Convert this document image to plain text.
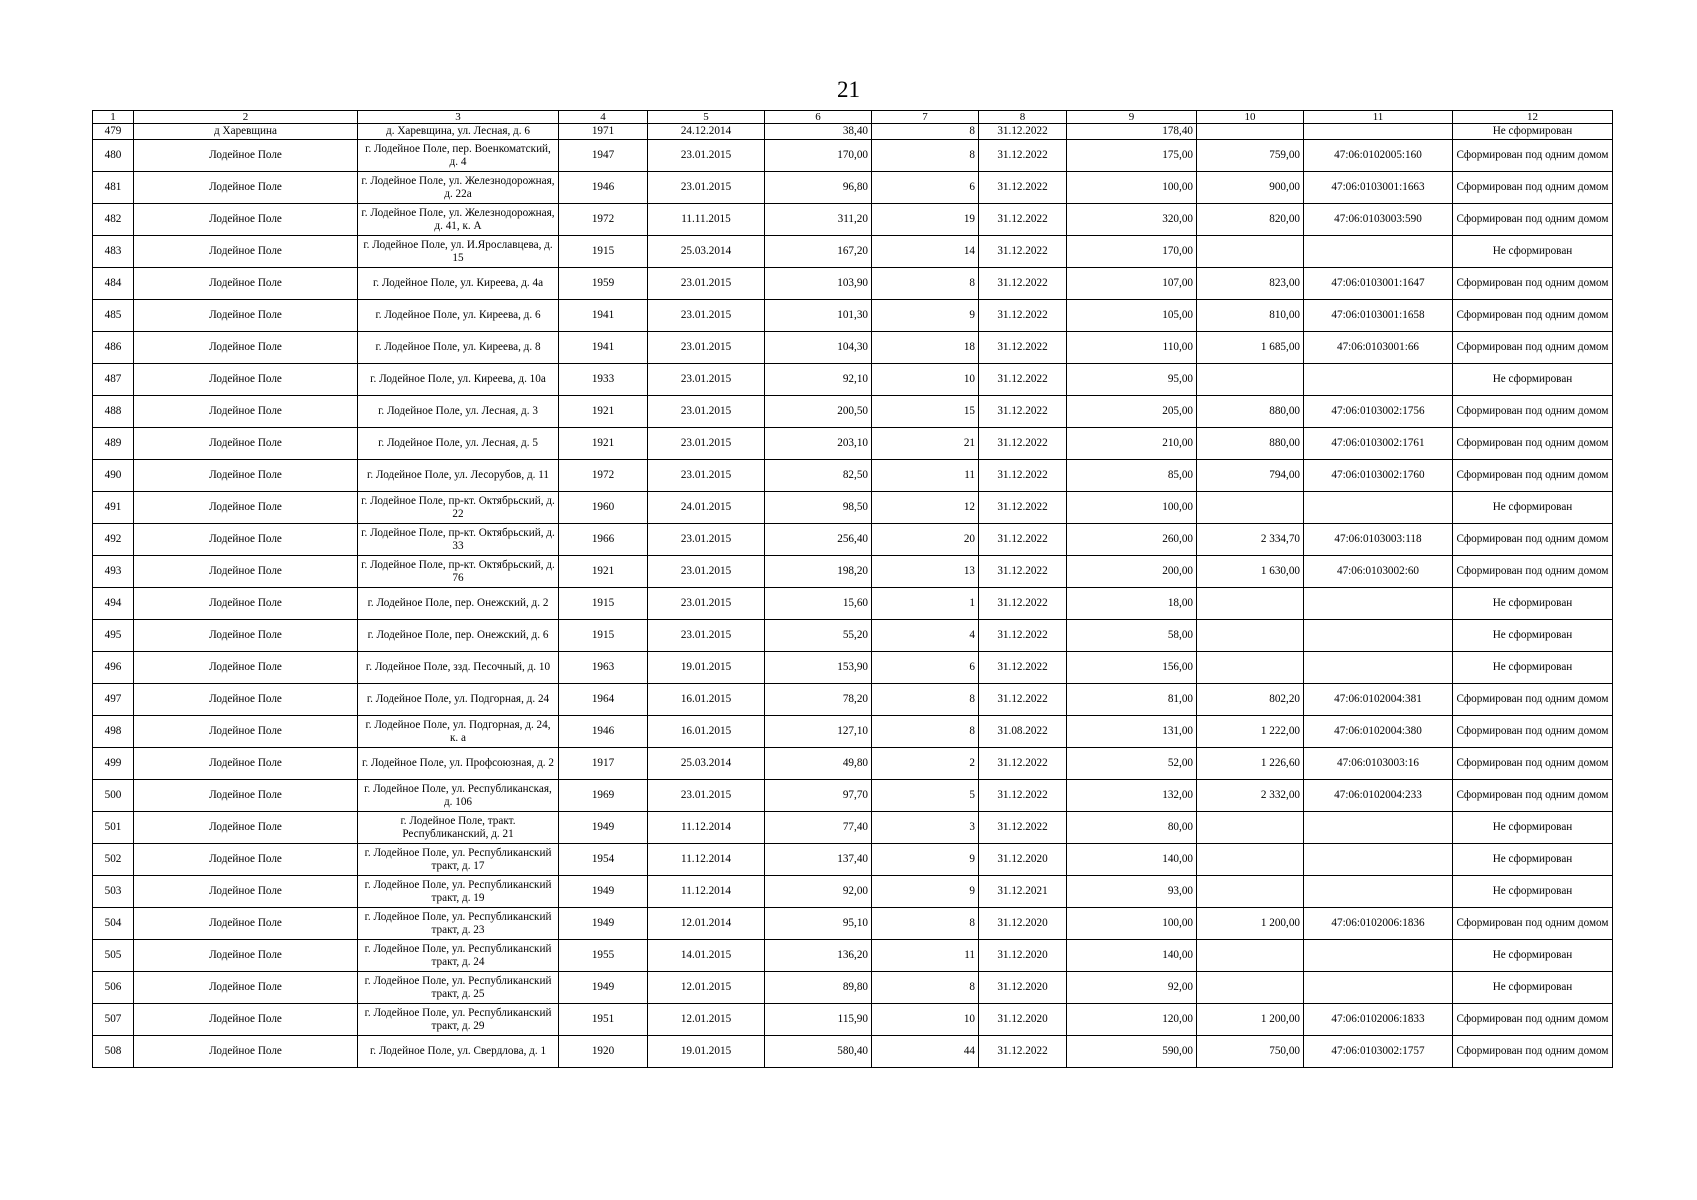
21
1	2	3	4	5	6	7	8	9	10	11	12
479	д Харевщина	д. Харевщина, ул. Лесная, д. 6	1971	24.12.2014	38,40	8	31.12.2022	178,40			Не сформирован
480	Лодейное Поле	г. Лодейное Поле, пер. Военкоматский, д. 4	1947	23.01.2015	170,00	8	31.12.2022	175,00	759,00	47:06:0102005:160	Сформирован под одним домом
481	Лодейное Поле	г. Лодейное Поле, ул. Железнодорожная, д. 22а	1946	23.01.2015	96,80	6	31.12.2022	100,00	900,00	47:06:0103001:1663	Сформирован под одним домом
482	Лодейное Поле	г. Лодейное Поле, ул. Железнодорожная, д. 41, к. А	1972	11.11.2015	311,20	19	31.12.2022	320,00	820,00	47:06:0103003:590	Сформирован под одним домом
483	Лодейное Поле	г. Лодейное Поле, ул. И.Ярославцева, д. 15	1915	25.03.2014	167,20	14	31.12.2022	170,00			Не сформирован
484	Лодейное Поле	г. Лодейное Поле, ул. Киреева, д. 4а	1959	23.01.2015	103,90	8	31.12.2022	107,00	823,00	47:06:0103001:1647	Сформирован под одним домом
485	Лодейное Поле	г. Лодейное Поле, ул. Киреева, д. 6	1941	23.01.2015	101,30	9	31.12.2022	105,00	810,00	47:06:0103001:1658	Сформирован под одним домом
486	Лодейное Поле	г. Лодейное Поле, ул. Киреева, д. 8	1941	23.01.2015	104,30	18	31.12.2022	110,00	1 685,00	47:06:0103001:66	Сформирован под одним домом
487	Лодейное Поле	г. Лодейное Поле, ул. Киреева, д. 10а	1933	23.01.2015	92,10	10	31.12.2022	95,00			Не сформирован
488	Лодейное Поле	г. Лодейное Поле, ул. Лесная, д. 3	1921	23.01.2015	200,50	15	31.12.2022	205,00	880,00	47:06:0103002:1756	Сформирован под одним домом
489	Лодейное Поле	г. Лодейное Поле, ул. Лесная, д. 5	1921	23.01.2015	203,10	21	31.12.2022	210,00	880,00	47:06:0103002:1761	Сформирован под одним домом
490	Лодейное Поле	г. Лодейное Поле, ул. Лесорубов, д. 11	1972	23.01.2015	82,50	11	31.12.2022	85,00	794,00	47:06:0103002:1760	Сформирован под одним домом
491	Лодейное Поле	г. Лодейное Поле, пр-кт. Октябрьский, д. 22	1960	24.01.2015	98,50	12	31.12.2022	100,00			Не сформирован
492	Лодейное Поле	г. Лодейное Поле, пр-кт. Октябрьский, д. 33	1966	23.01.2015	256,40	20	31.12.2022	260,00	2 334,70	47:06:0103003:118	Сформирован под одним домом
493	Лодейное Поле	г. Лодейное Поле, пр-кт. Октябрьский, д. 76	1921	23.01.2015	198,20	13	31.12.2022	200,00	1 630,00	47:06:0103002:60	Сформирован под одним домом
494	Лодейное Поле	г. Лодейное Поле, пер. Онежский, д. 2	1915	23.01.2015	15,60	1	31.12.2022	18,00			Не сформирован
495	Лодейное Поле	г. Лодейное Поле, пер. Онежский, д. 6	1915	23.01.2015	55,20	4	31.12.2022	58,00			Не сформирован
496	Лодейное Поле	г. Лодейное Поле, ззд. Песочный, д. 10	1963	19.01.2015	153,90	6	31.12.2022	156,00			Не сформирован
497	Лодейное Поле	г. Лодейное Поле, ул. Подгорная, д. 24	1964	16.01.2015	78,20	8	31.12.2022	81,00	802,20	47:06:0102004:381	Сформирован под одним домом
498	Лодейное Поле	г. Лодейное Поле, ул. Подгорная, д. 24, к. а	1946	16.01.2015	127,10	8	31.08.2022	131,00	1 222,00	47:06:0102004:380	Сформирован под одним домом
499	Лодейное Поле	г. Лодейное Поле, ул. Профсоюзная, д. 2	1917	25.03.2014	49,80	2	31.12.2022	52,00	1 226,60	47:06:0103003:16	Сформирован под одним домом
500	Лодейное Поле	г. Лодейное Поле, ул. Республиканская, д. 106	1969	23.01.2015	97,70	5	31.12.2022	132,00	2 332,00	47:06:0102004:233	Сформирован под одним домом
501	Лодейное Поле	г. Лодейное Поле, тракт. Республиканский, д. 21	1949	11.12.2014	77,40	3	31.12.2022	80,00			Не сформирован
502	Лодейное Поле	г. Лодейное Поле, ул. Республиканский тракт, д. 17	1954	11.12.2014	137,40	9	31.12.2020	140,00			Не сформирован
503	Лодейное Поле	г. Лодейное Поле, ул. Республиканский тракт, д. 19	1949	11.12.2014	92,00	9	31.12.2021	93,00			Не сформирован
504	Лодейное Поле	г. Лодейное Поле, ул. Республиканский тракт, д. 23	1949	12.01.2014	95,10	8	31.12.2020	100,00	1 200,00	47:06:0102006:1836	Сформирован под одним домом
505	Лодейное Поле	г. Лодейное Поле, ул. Республиканский тракт, д. 24	1955	14.01.2015	136,20	11	31.12.2020	140,00			Не сформирован
506	Лодейное Поле	г. Лодейное Поле, ул. Республиканский тракт, д. 25	1949	12.01.2015	89,80	8	31.12.2020	92,00			Не сформирован
507	Лодейное Поле	г. Лодейное Поле, ул. Республиканский тракт, д. 29	1951	12.01.2015	115,90	10	31.12.2020	120,00	1 200,00	47:06:0102006:1833	Сформирован под одним домом
508	Лодейное Поле	г. Лодейное Поле, ул. Свердлова, д. 1	1920	19.01.2015	580,40	44	31.12.2022	590,00	750,00	47:06:0103002:1757	Сформирован под одним домом
